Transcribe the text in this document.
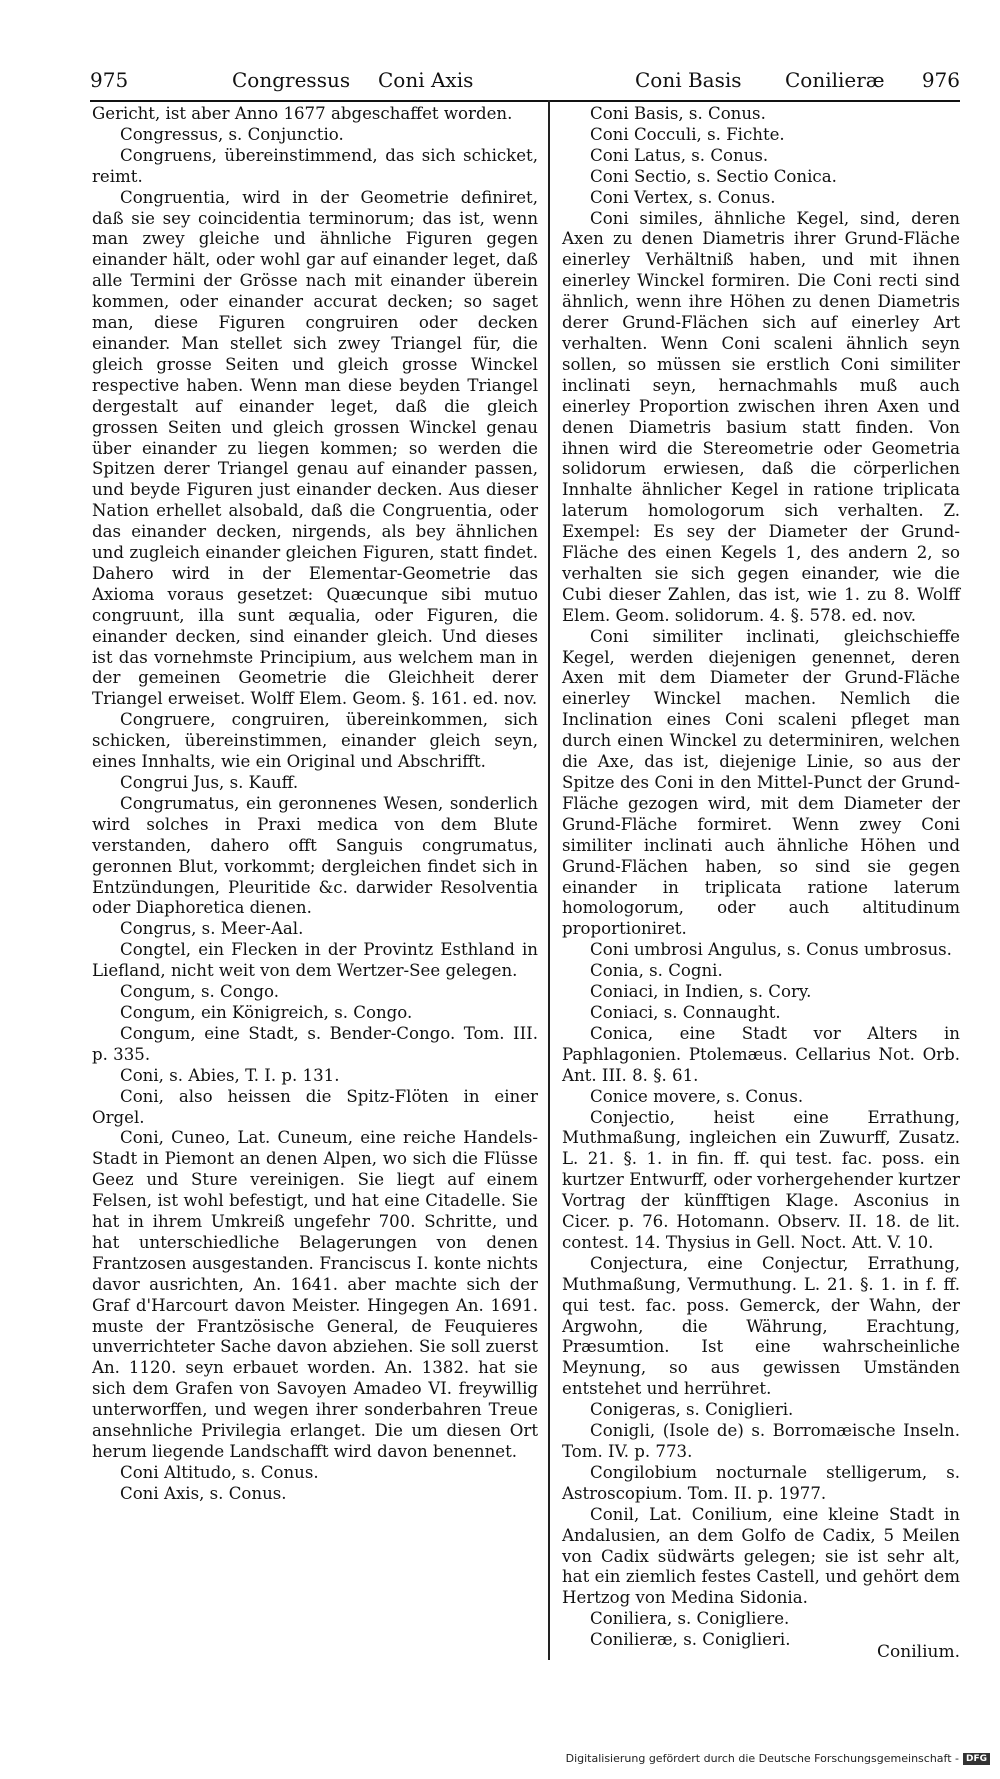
975	Congressus Coni Axis	Coni Basis Conilieræ 976

Gericht, ist aber Anno 1677 abgeschaffet worden.

Congressus, s. Conjunctio.

Congruens, übereinstimmend, das sich schicket, reimt.

Congruentia, wird in der Geometrie definiret, daß sie sey coincidentia terminorum; das ist, wenn man zwey gleiche und ähnliche Figuren gegen einander hält, oder wohl gar auf einander leget, daß alle Termini der Grösse nach mit einander überein kommen, oder einander accurat decken; so saget man, diese Figuren congruiren oder decken einander. Man stellet sich zwey Triangel für, die gleich grosse Seiten und gleich grosse Winckel respective haben. Wenn man diese beyden Triangel dergestalt auf einander leget, daß die gleich grossen Seiten und gleich grossen Winckel genau über einander zu liegen kommen; so werden die Spitzen derer Triangel genau auf einander passen, und beyde Figuren just einander decken. Aus dieser Nation erhellet alsobald, daß die Congruentia, oder das einander decken, nirgends, als bey ähnlichen und zugleich einander gleichen Figuren, statt findet. Dahero wird in der Elementar-Geometrie das Axioma voraus gesetzet: Quæcunque sibi mutuo congruunt, illa sunt æqualia, oder Figuren, die einander decken, sind einander gleich. Und dieses ist das vornehmste Principium, aus welchem man in der gemeinen Geometrie die Gleichheit derer Triangel erweiset. Wolff Elem. Geom. §. 161. ed. nov.

Congruere, congruiren, übereinkommen, sich schicken, übereinstimmen, einander gleich seyn, eines Innhalts, wie ein Original und Abschrifft.

Congrui Jus, s. Kauff.

Congrumatus, ein geronnenes Wesen, sonderlich wird solches in Praxi medica von dem Blute verstanden, dahero offt Sanguis congrumatus, geronnen Blut, vorkommt; dergleichen findet sich in Entzündungen, Pleuritide &c. darwider Resolventia oder Diaphoretica dienen.

Congrus, s. Meer-Aal.

Congtel, ein Flecken in der Provintz Esthland in Liefland, nicht weit von dem Wertzer-See gelegen.

Congum, s. Congo.

Congum, ein Königreich, s. Congo.

Congum, eine Stadt, s. Bender-Congo. Tom. III. p. 335.

Coni, s. Abies, T. I. p. 131.

Coni, also heissen die Spitz-Flöten in einer Orgel.

Coni, Cuneo, Lat. Cuneum, eine reiche Handels-Stadt in Piemont an denen Alpen, wo sich die Flüsse Geez und Sture vereinigen. Sie liegt auf einem Felsen, ist wohl befestigt, und hat eine Citadelle. Sie hat in ihrem Umkreiß ungefehr 700. Schritte, und hat unterschiedliche Belagerungen von denen Frantzosen ausgestanden. Franciscus I. konte nichts davor ausrichten, An. 1641. aber machte sich der Graf d'Harcourt davon Meister. Hingegen An. 1691. muste der Frantzösische General, de Feuquieres unverrichteter Sache davon abziehen. Sie soll zuerst An. 1120. seyn erbauet worden. An. 1382. hat sie sich dem Grafen von Savoyen Amadeo VI. freywillig unterworffen, und wegen ihrer sonderbahren Treue ansehnliche Privilegia erlanget. Die um diesen Ort herum liegende Landschafft wird davon benennet.

Coni Altitudo, s. Conus.

Coni Axis, s. Conus.

Coni Basis, s. Conus.

Coni Cocculi, s. Fichte.

Coni Latus, s. Conus.

Coni Sectio, s. Sectio Conica.

Coni Vertex, s. Conus.

Coni similes, ähnliche Kegel, sind, deren Axen zu denen Diametris ihrer Grund-Fläche einerley Verhältniß haben, und mit ihnen einerley Winckel formiren. Die Coni recti sind ähnlich, wenn ihre Höhen zu denen Diametris derer Grund-Flächen sich auf einerley Art verhalten. Wenn Coni scaleni ähnlich seyn sollen, so müssen sie erstlich Coni similiter inclinati seyn, hernachmahls muß auch einerley Proportion zwischen ihren Axen und denen Diametris basium statt finden. Von ihnen wird die Stereometrie oder Geometria solidorum erwiesen, daß die cörperlichen Innhalte ähnlicher Kegel in ratione triplicata laterum homologorum sich verhalten. Z. Exempel: Es sey der Diameter der Grund-Fläche des einen Kegels 1, des andern 2, so verhalten sie sich gegen einander, wie die Cubi dieser Zahlen, das ist, wie 1. zu 8. Wolff Elem. Geom. solidorum. 4. §. 578. ed. nov.

Coni similiter inclinati, gleichschieffe Kegel, werden diejenigen genennet, deren Axen mit dem Diameter der Grund-Fläche einerley Winckel machen. Nemlich die Inclination eines Coni scaleni pfleget man durch einen Winckel zu determiniren, welchen die Axe, das ist, diejenige Linie, so aus der Spitze des Coni in den Mittel-Punct der Grund-Fläche gezogen wird, mit dem Diameter der Grund-Fläche formiret. Wenn zwey Coni similiter inclinati auch ähnliche Höhen und Grund-Flächen haben, so sind sie gegen einander in triplicata ratione laterum homologorum, oder auch altitudinum proportioniret.

Coni umbrosi Angulus, s. Conus umbrosus.

Conia, s. Cogni.

Coniaci, in Indien, s. Cory.

Coniaci, s. Connaught.

Conica, eine Stadt vor Alters in Paphlagonien. Ptolemæus. Cellarius Not. Orb. Ant. III. 8. §. 61.

Conice movere, s. Conus.

Conjectio, heist eine Errathung, Muthmaßung, ingleichen ein Zuwurff, Zusatz. L. 21. §. 1. in fin. ff. qui test. fac. poss. ein kurtzer Entwurff, oder vorhergehender kurtzer Vortrag der künfftigen Klage. Asconius in Cicer. p. 76. Hotomann. Observ. II. 18. de lit. contest. 14. Thysius in Gell. Noct. Att. V. 10.

Conjectura, eine Conjectur, Errathung, Muthmaßung, Vermuthung. L. 21. §. 1. in f. ff. qui test. fac. poss. Gemerck, der Wahn, der Argwohn, die Währung, Erachtung, Præsumtion. Ist eine wahrscheinliche Meynung, so aus gewissen Umständen entstehet und herrühret.

Conigeras, s. Coniglieri.

Conigli, (Isole de) s. Borromæische Inseln. Tom. IV. p. 773.

Congilobium nocturnale stelligerum, s. Astroscopium. Tom. II. p. 1977.

Conil, Lat. Conilium, eine kleine Stadt in Andalusien, an dem Golfo de Cadix, 5 Meilen von Cadix südwärts gelegen; sie ist sehr alt, hat ein ziemlich festes Castell, und gehört dem Hertzog von Medina Sidonia.

Coniliera, s. Conigliere.

Conilieræ, s. Coniglieri.

Conilium.
Digitalisierung gefördert durch die Deutsche Forschungsgemeinschaft - DFG
